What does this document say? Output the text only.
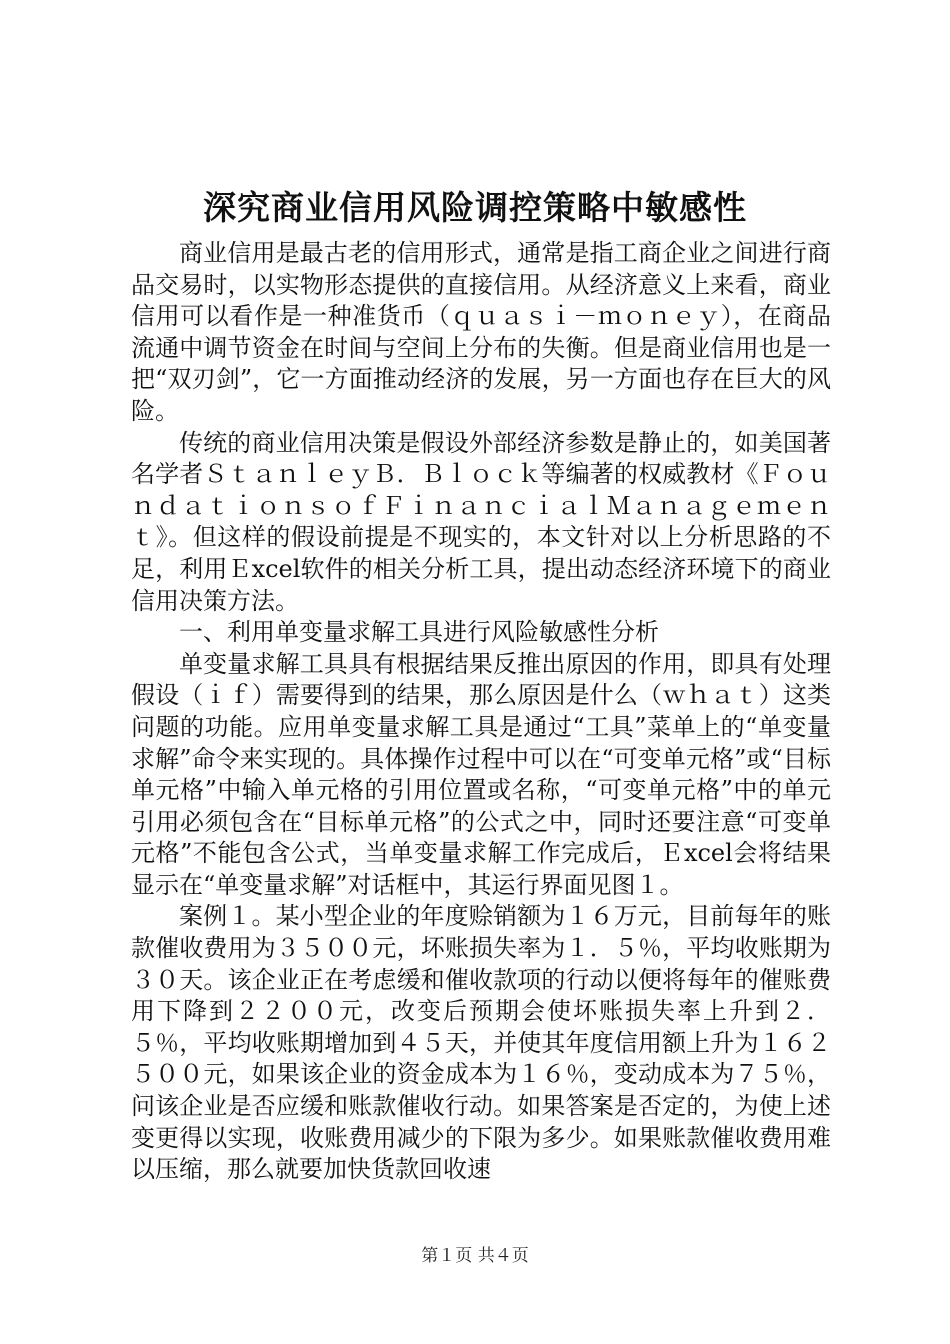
深究商业信用风险调控策略中敏感性

商业信用是最古老的信用形式，通常是指工商企业之间进行商品交易时，以实物形态提供的直接信用。从经济意义上来看，商业信用可以看作是一种准货币（ｑｕａｓｉ－ｍｏｎｅｙ），在商品流通中调节资金在时间与空间上分布的失衡。但是商业信用也是一把“双刃剑”，它一方面推动经济的发展，另一方面也存在巨大的风险。

传统的商业信用决策是假设外部经济参数是静止的，如美国著名学者ＳｔａｎｌｅｙＢ．Ｂｌｏｃｋ等编著的权威教材《ＦｏｕｎｄａｔｉｏｎｓｏｆＦｉｎａｎｃｉａｌＭａｎａｇｅｍｅｎｔ》。但这样的假设前提是不现实的，本文针对以上分析思路的不足，利用Ｅxcel软件的相关分析工具，提出动态经济环境下的商业信用决策方法。

一、利用单变量求解工具进行风险敏感性分析

单变量求解工具具有根据结果反推出原因的作用，即具有处理假设（ｉｆ）需要得到的结果，那么原因是什么（ｗｈａｔ）这类问题的功能。应用单变量求解工具是通过“工具”菜单上的“单变量求解”命令来实现的。具体操作过程中可以在“可变单元格”或“目标单元格”中输入单元格的引用位置或名称，“可变单元格”中的单元引用必须包含在“目标单元格”的公式之中，同时还要注意“可变单元格”不能包含公式，当单变量求解工作完成后，Ｅxcel会将结果显示在“单变量求解”对话框中，其运行界面见图１。

案例１。某小型企业的年度赊销额为１６万元，目前每年的账款催收费用为３５００元，坏账损失率为１．５％，平均收账期为３０天。该企业正在考虑缓和催收款项的行动以便将每年的催账费用下降到２２００元，改变后预期会使坏账损失率上升到２．５％，平均收账期增加到４５天，并使其年度信用额上升为１６２５００元，如果该企业的资金成本为１６％，变动成本为７５％，问该企业是否应缓和账款催收行动。如果答案是否定的，为使上述变更得以实现，收账费用减少的下限为多少。如果账款催收费用难以压缩，那么就要加快货款回收速

第１页 共４页
